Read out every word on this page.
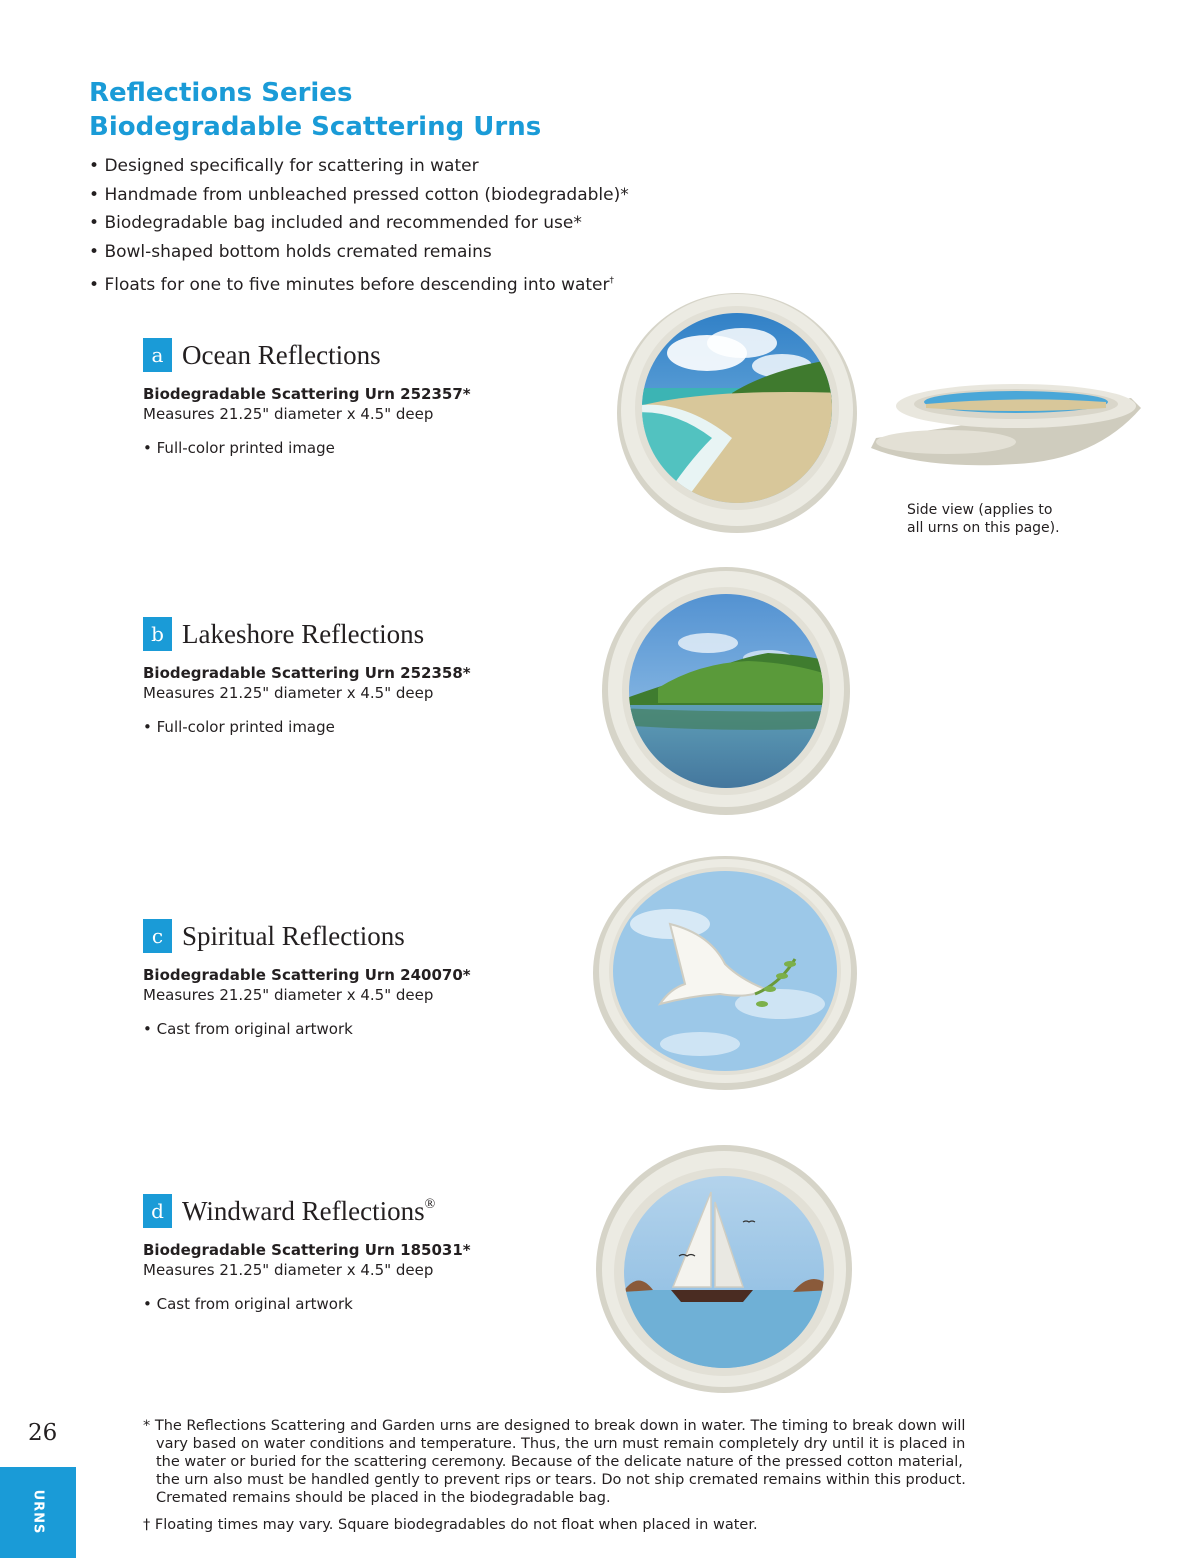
Reflections Series
Biodegradable Scattering Urns
• Designed specifically for scattering in water
• Handmade from unbleached pressed cotton (biodegradable)*
• Biodegradable bag included and recommended for use*
• Bowl-shaped bottom holds cremated remains
• Floats for one to five minutes before descending into water†
a Ocean Reflections
Biodegradable Scattering Urn 252357*
Measures 21.25" diameter x 4.5" deep
• Full-color printed image
b Lakeshore Reflections
Biodegradable Scattering Urn 252358*
Measures 21.25" diameter x 4.5" deep
• Full-color printed image
c Spiritual Reflections
Biodegradable Scattering Urn 240070*
Measures 21.25" diameter x 4.5" deep
• Cast from original artwork
d Windward Reflections®
Biodegradable Scattering Urn 185031*
Measures 21.25" diameter x 4.5" deep
• Cast from original artwork
Side view (applies to
all urns on this page).

* The Reflections Scattering and Garden urns are designed to break down in water. The timing to break down will vary based on water conditions and temperature. Thus, the urn must remain completely dry until it is placed in the water or buried for the scattering ceremony. Because of the delicate nature of the pressed cotton material, the urn also must be handled gently to prevent rips or tears. Do not ship cremated remains within this product. Cremated remains should be placed in the biodegradable bag.

† Floating times may vary. Square biodegradables do not float when placed in water.

26
URNS
